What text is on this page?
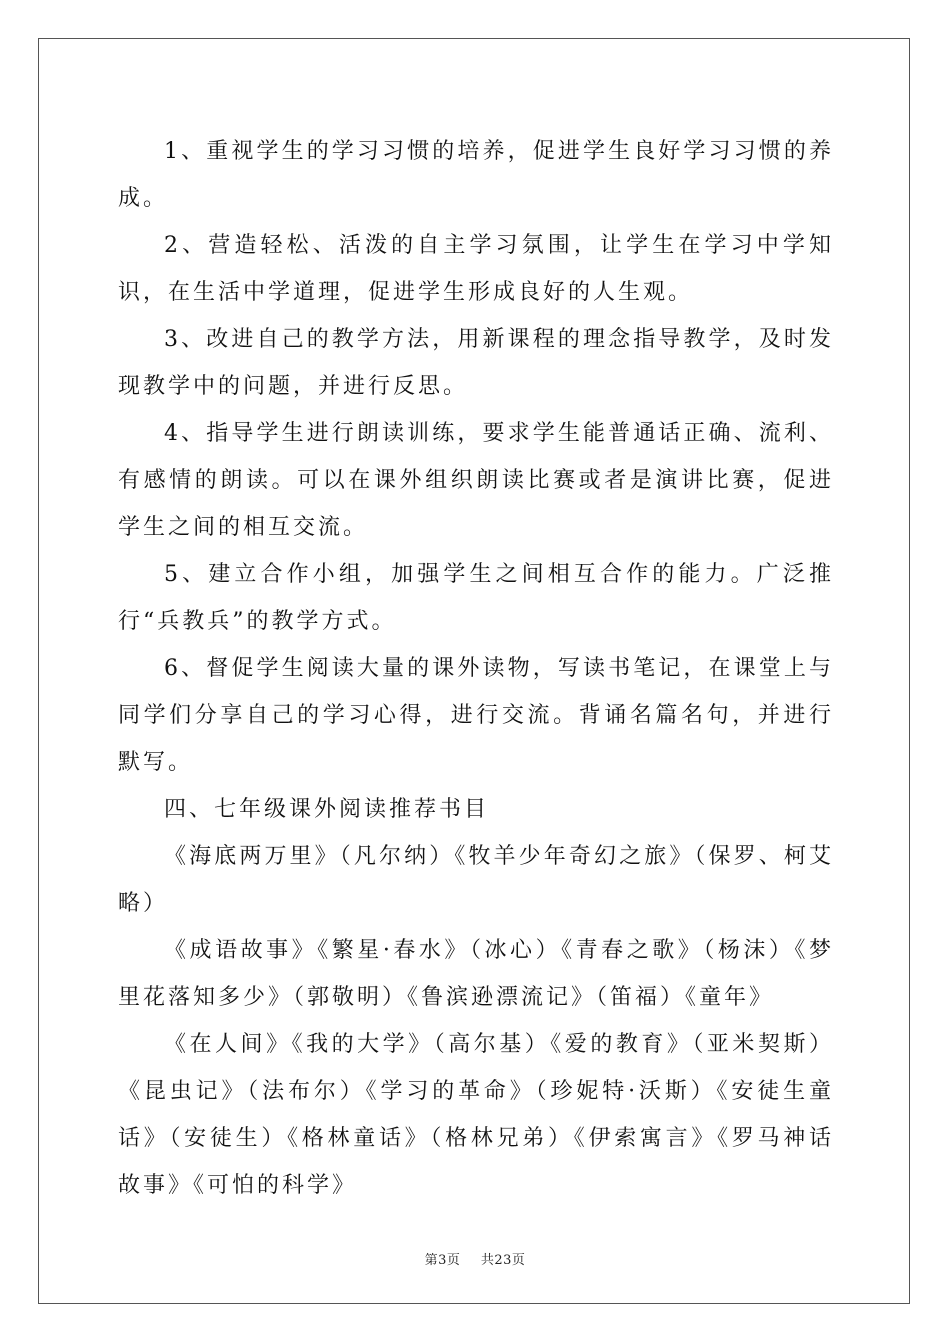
1、重视学生的学习习惯的培养，促进学生良好学习习惯的养成。

2、营造轻松、活泼的自主学习氛围，让学生在学习中学知识，在生活中学道理，促进学生形成良好的人生观。

3、改进自己的教学方法，用新课程的理念指导教学，及时发现教学中的问题，并进行反思。

4、指导学生进行朗读训练，要求学生能普通话正确、流利、有感情的朗读。可以在课外组织朗读比赛或者是演讲比赛，促进学生之间的相互交流。

5、建立合作小组，加强学生之间相互合作的能力。广泛推行“兵教兵”的教学方式。

6、督促学生阅读大量的课外读物，写读书笔记，在课堂上与同学们分享自己的学习心得，进行交流。背诵名篇名句，并进行默写。

四、七年级课外阅读推荐书目

《海底两万里》（凡尔纳）《牧羊少年奇幻之旅》（保罗、柯艾略）

《成语故事》《繁星·春水》（冰心）《青春之歌》（杨沫）《梦里花落知多少》（郭敬明）《鲁滨逊漂流记》（笛福）《童年》

《在人间》《我的大学》（高尔基）《爱的教育》（亚米契斯）《昆虫记》（法布尔）《学习的革命》（珍妮特·沃斯）《安徒生童话》（安徒生）《格林童话》（格林兄弟）《伊索寓言》《罗马神话故事》《可怕的科学》

第3页 共23页
